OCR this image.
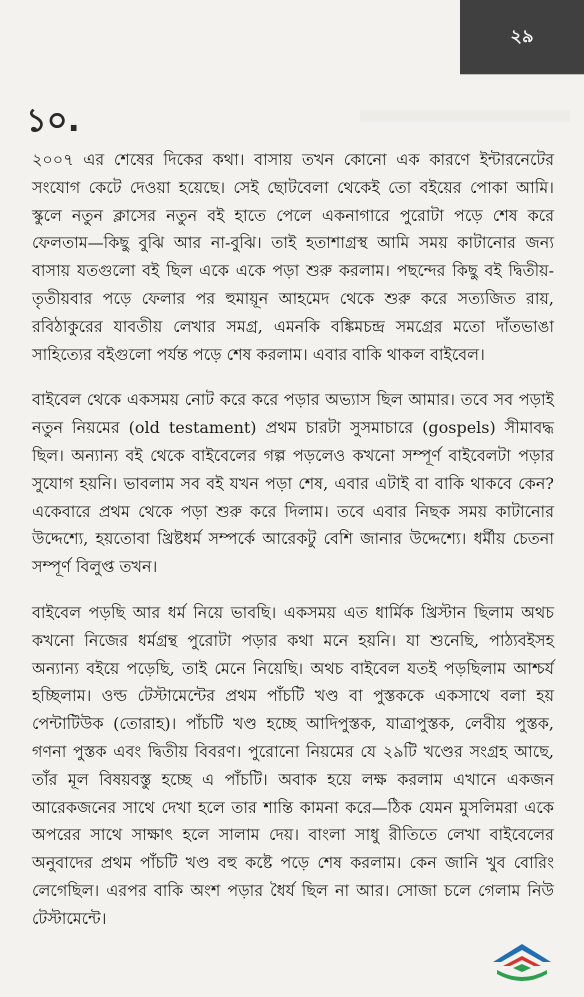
২৯
১০.

২০০৭ এর শেষের দিকের কথা। বাসায় তখন কোনো এক কারণে ইন্টারনেটের সংযোগ কেটে দেওয়া হয়েছে। সেই ছোটবেলা থেকেই তো বইয়ের পোকা আমি। স্কুলে নতুন ক্লাসের নতুন বই হাতে পেলে একনাগারে পুরোটা পড়ে শেষ করে ফেলতাম—কিছু বুঝি আর না-বুঝি। তাই হতাশাগ্রস্থ আমি সময় কাটানোর জন্য বাসায় যতগুলো বই ছিল একে একে পড়া শুরু করলাম। পছন্দের কিছু বই দ্বিতীয়-তৃতীয়বার পড়ে ফেলার পর হুমায়ূন আহমেদ থেকে শুরু করে সত্যজিত রায়, রবিঠাকুরের যাবতীয় লেখার সমগ্র, এমনকি বঙ্কিমচন্দ্র সমগ্রের মতো দাঁতভাঙা সাহিত্যের বইগুলো পর্যন্ত পড়ে শেষ করলাম। এবার বাকি থাকল বাইবেল।

বাইবেল থেকে একসময় নোট করে করে পড়ার অভ্যাস ছিল আমার। তবে সব পড়াই নতুন নিয়মের (old testament) প্রথম চারটা সুসমাচারে (gospels) সীমাবদ্ধ ছিল। অন্যান্য বই থেকে বাইবেলের গল্প পড়লেও কখনো সম্পূর্ণ বাইবেলটা পড়ার সুযোগ হয়নি। ভাবলাম সব বই যখন পড়া শেষ, এবার এটাই বা বাকি থাকবে কেন? একেবারে প্রথম থেকে পড়া শুরু করে দিলাম। তবে এবার নিছক সময় কাটানোর উদ্দেশ্যে, হয়তোবা খ্রিষ্টধর্ম সম্পর্কে আরেকটু বেশি জানার উদ্দেশ্যে। ধর্মীয় চেতনা সম্পূর্ণ বিলুপ্ত তখন।

বাইবেল পড়ছি আর ধর্ম নিয়ে ভাবছি। একসময় এত ধার্মিক খ্রিস্টান ছিলাম অথচ কখনো নিজের ধর্মগ্রন্থ পুরোটা পড়ার কথা মনে হয়নি। যা শুনেছি, পাঠ্যবইসহ অন্যান্য বইয়ে পড়েছি, তাই মেনে নিয়েছি। অথচ বাইবেল যতই পড়ছিলাম আশ্চর্য হচ্ছিলাম। ওল্ড টেস্টামেন্টের প্রথম পাঁচটি খণ্ড বা পুস্তককে একসাথে বলা হয় পেন্টাটিউক (তোরাহ)। পাঁচটি খণ্ড হচ্ছে আদিপুস্তক, যাত্রাপুস্তক, লেবীয় পুস্তক, গণনা পুস্তক এবং দ্বিতীয় বিবরণ। পুরোনো নিয়মের যে ২৯টি খণ্ডের সংগ্রহ আছে, তাঁর মূল বিষয়বস্তু হচ্ছে এ পাঁচটি। অবাক হয়ে লক্ষ করলাম এখানে একজন আরেকজনের সাথে দেখা হলে তার শান্তি কামনা করে—ঠিক যেমন মুসলিমরা একে অপরের সাথে সাক্ষাৎ হলে সালাম দেয়। বাংলা সাধু রীতিতে লেখা বাইবেলের অনুবাদের প্রথম পাঁচটি খণ্ড বহু কষ্টে পড়ে শেষ করলাম। কেন জানি খুব বোরিং লেগেছিল। এরপর বাকি অংশ পড়ার ধৈর্য ছিল না আর। সোজা চলে গেলাম নিউ টেস্টামেন্টে।
